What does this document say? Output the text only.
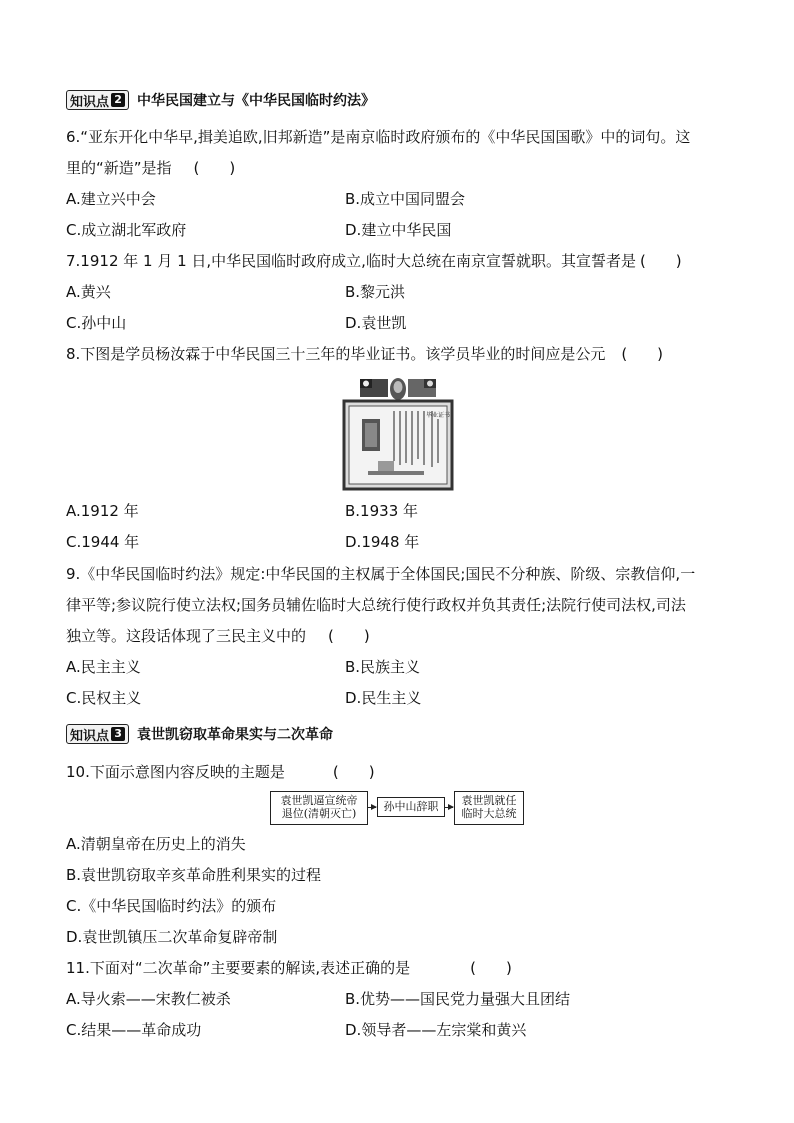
知识点 2 中华民国建立与《中华民国临时约法》
6.“亚东开化中华早,揖美追欧,旧邦新造”是南京临时政府颁布的《中华民国国歌》中的词句。这
里的“新造”是指 (　　)
A.建立兴中会	B.成立中国同盟会
C.成立湖北军政府	D.建立中华民国
7.1912 年 1 月 1 日,中华民国临时政府成立,临时大总统在南京宣誓就职。其宣誓者是 (　　)
A.黄兴	B.黎元洪
C.孙中山	D.袁世凯
8.下图是学员杨汝霖于中华民国三十三年的毕业证书。该学员毕业的时间应是公元 (　　)
毕业证书
A.1912 年	B.1933 年
C.1944 年	D.1948 年
9.《中华民国临时约法》规定:中华民国的主权属于全体国民;国民不分种族、阶级、宗教信仰,一
律平等;参议院行使立法权;国务员辅佐临时大总统行使行政权并负其责任;法院行使司法权,司法
独立等。这段话体现了三民主义中的 (　　)
A.民主主义	B.民族主义
C.民权主义	D.民生主义
知识点 3 袁世凯窃取革命果实与二次革命
10.下面示意图内容反映的主题是	(　　)
袁世凯逼宣统帝
退位(清朝灭亡)
孙中山辞职	袁世凯就任
临时大总统
A.清朝皇帝在历史上的消失
B.袁世凯窃取辛亥革命胜利果实的过程
C.《中华民国临时约法》的颁布
D.袁世凯镇压二次革命复辟帝制
11.下面对“二次革命”主要要素的解读,表述正确的是	(　　)
A.导火索——宋教仁被杀	B.优势——国民党力量强大且团结
C.结果——革命成功	D.领导者——左宗棠和黄兴
